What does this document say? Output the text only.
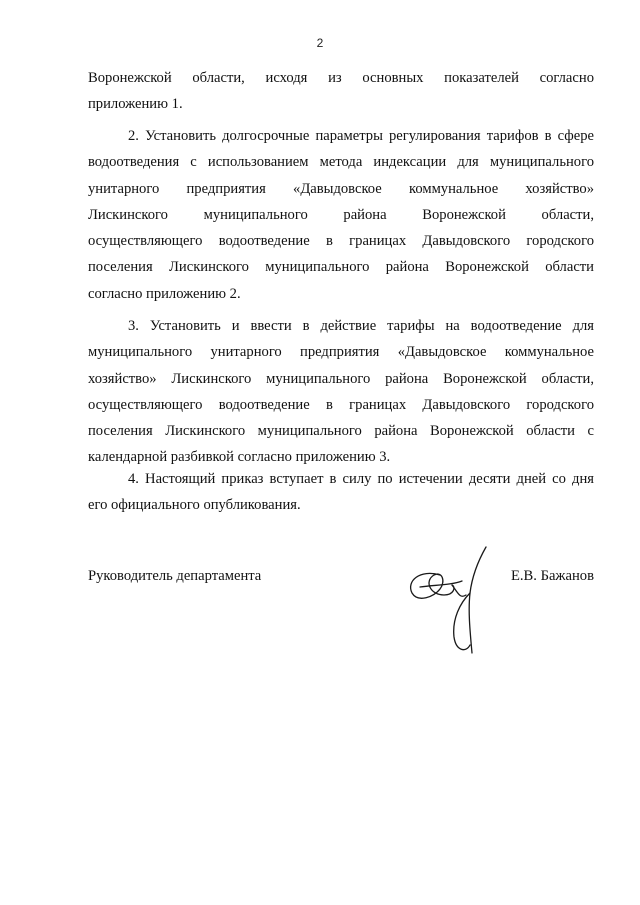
2
Воронежской области, исходя из основных показателей согласно
приложению 1.
2. Установить долгосрочные параметры регулирования тарифов в сфере
водоотведения с использованием метода индексации для муниципального
унитарного предприятия «Давыдовское коммунальное хозяйство»
Лискинского муниципального района Воронежской области,
осуществляющего водоотведение в границах Давыдовского городского
поселения Лискинского муниципального района Воронежской области
согласно приложению 2.
3. Установить и ввести в действие тарифы на водоотведение для
муниципального унитарного предприятия «Давыдовское коммунальное
хозяйство» Лискинского муниципального района Воронежской области,
осуществляющего водоотведение в границах Давыдовского городского
поселения Лискинского муниципального района Воронежской области с
календарной разбивкой согласно приложению 3.
4. Настоящий приказ вступает в силу по истечении десяти дней со дня
его официального опубликования.
Руководитель департамента	Е.В. Бажанов
